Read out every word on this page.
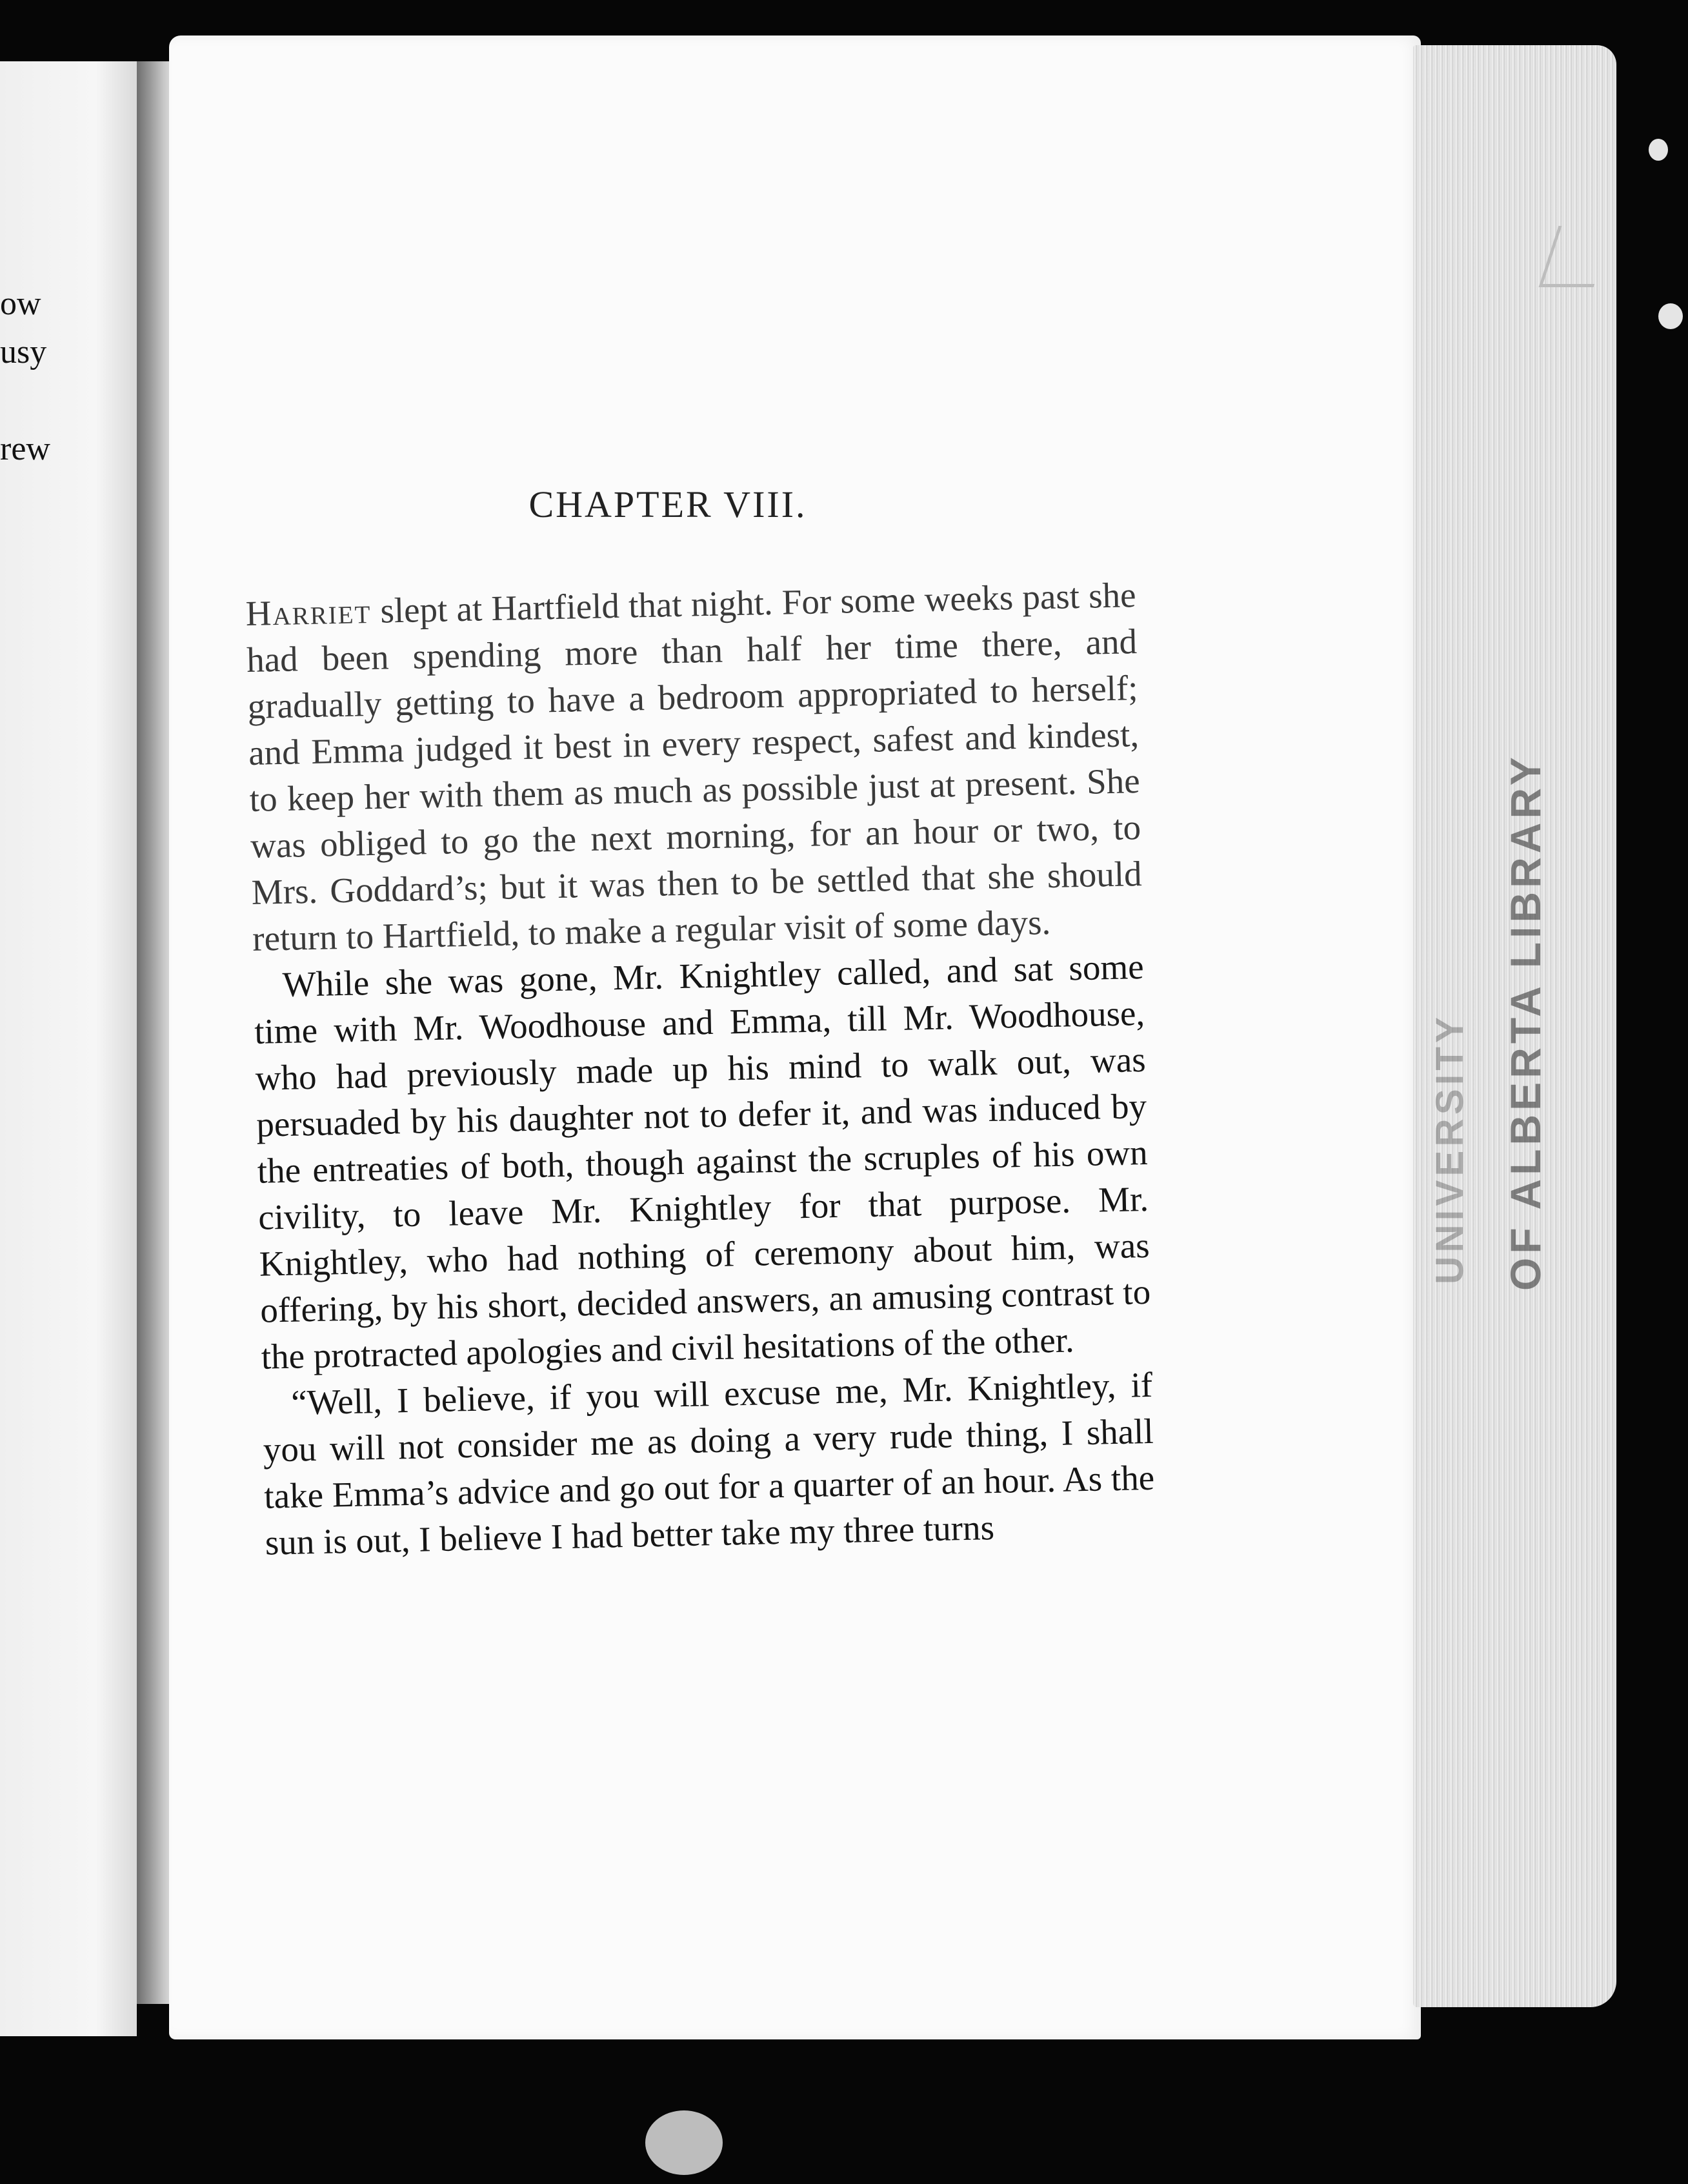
ow
usy
rew
UNIVERSITY OF ALBERTA LIBRARY
CHAPTER VIII.

Harriet slept at Hartfield that night. For some weeks past she had been spending more than half her time there, and gradually getting to have a bedroom appropriated to herself; and Emma judged it best in every respect, safest and kindest, to keep her with them as much as possible just at present. She was obliged to go the next morning, for an hour or two, to Mrs. Goddard’s; but it was then to be settled that she should return to Hartfield, to make a regular visit of some days.

While she was gone, Mr. Knightley called, and sat some time with Mr. Woodhouse and Emma, till Mr. Woodhouse, who had previously made up his mind to walk out, was persuaded by his daughter not to defer it, and was induced by the entreaties of both, though against the scruples of his own civility, to leave Mr. Knightley for that purpose. Mr. Knightley, who had nothing of ceremony about him, was offering, by his short, decided answers, an amusing contrast to the protracted apologies and civil hesitations of the other.

“Well, I believe, if you will excuse me, Mr. Knightley, if you will not consider me as doing a very rude thing, I shall take Emma’s advice and go out for a quarter of an hour. As the sun is out, I believe I had better take my three turns
